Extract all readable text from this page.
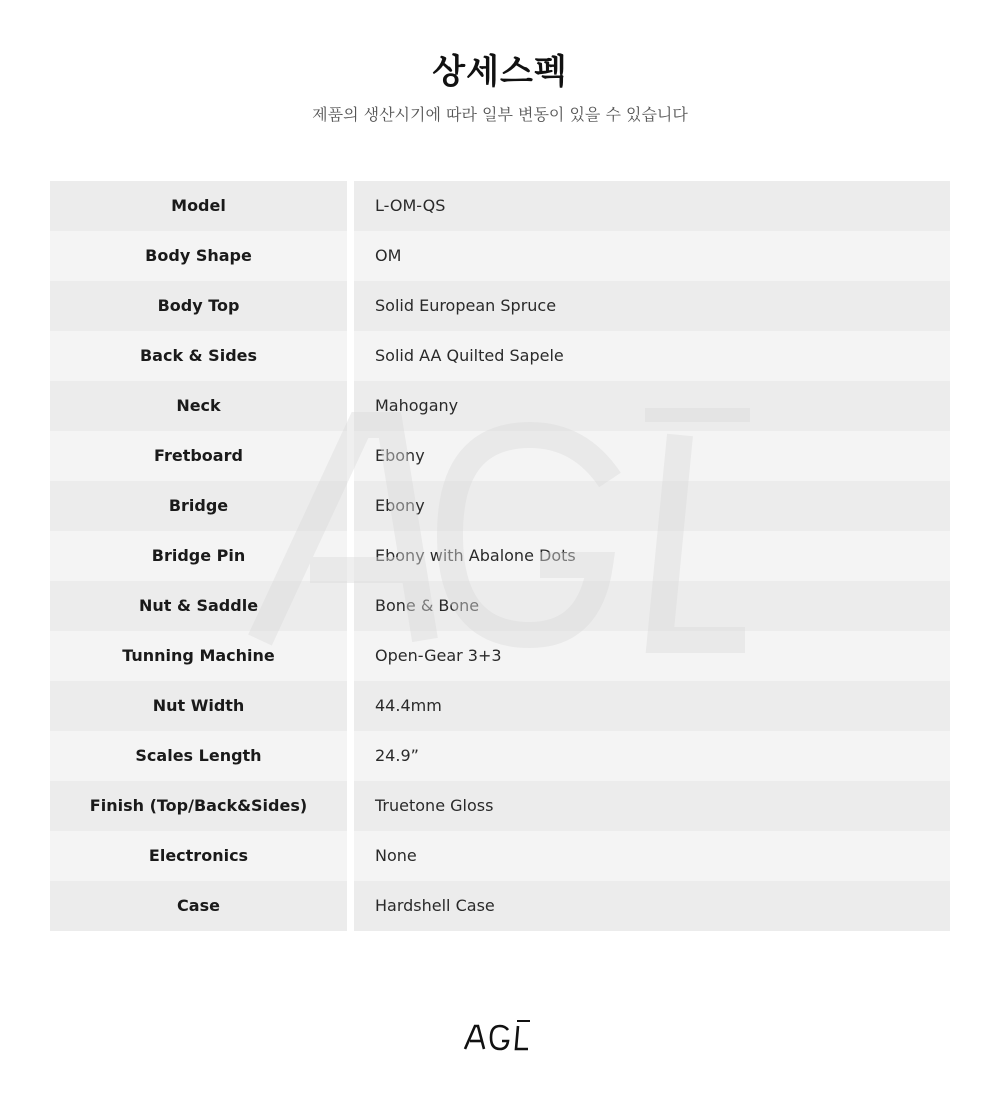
상세스펙
제품의 생산시기에 따라 일부 변동이 있을 수 있습니다
Model	L-OM-QS
Body Shape	OM
Body Top	Solid European Spruce
Back & Sides	Solid AA Quilted Sapele
Neck	Mahogany
Fretboard	Ebony
Bridge	Ebony
Bridge Pin	Ebony with Abalone Dots
Nut & Saddle	Bone & Bone
Tunning Machine	Open-Gear 3+3
Nut Width	44.4mm
Scales Length	24.9”
Finish (Top/Back&Sides)	Truetone Gloss
Electronics	None
Case	Hardshell Case
